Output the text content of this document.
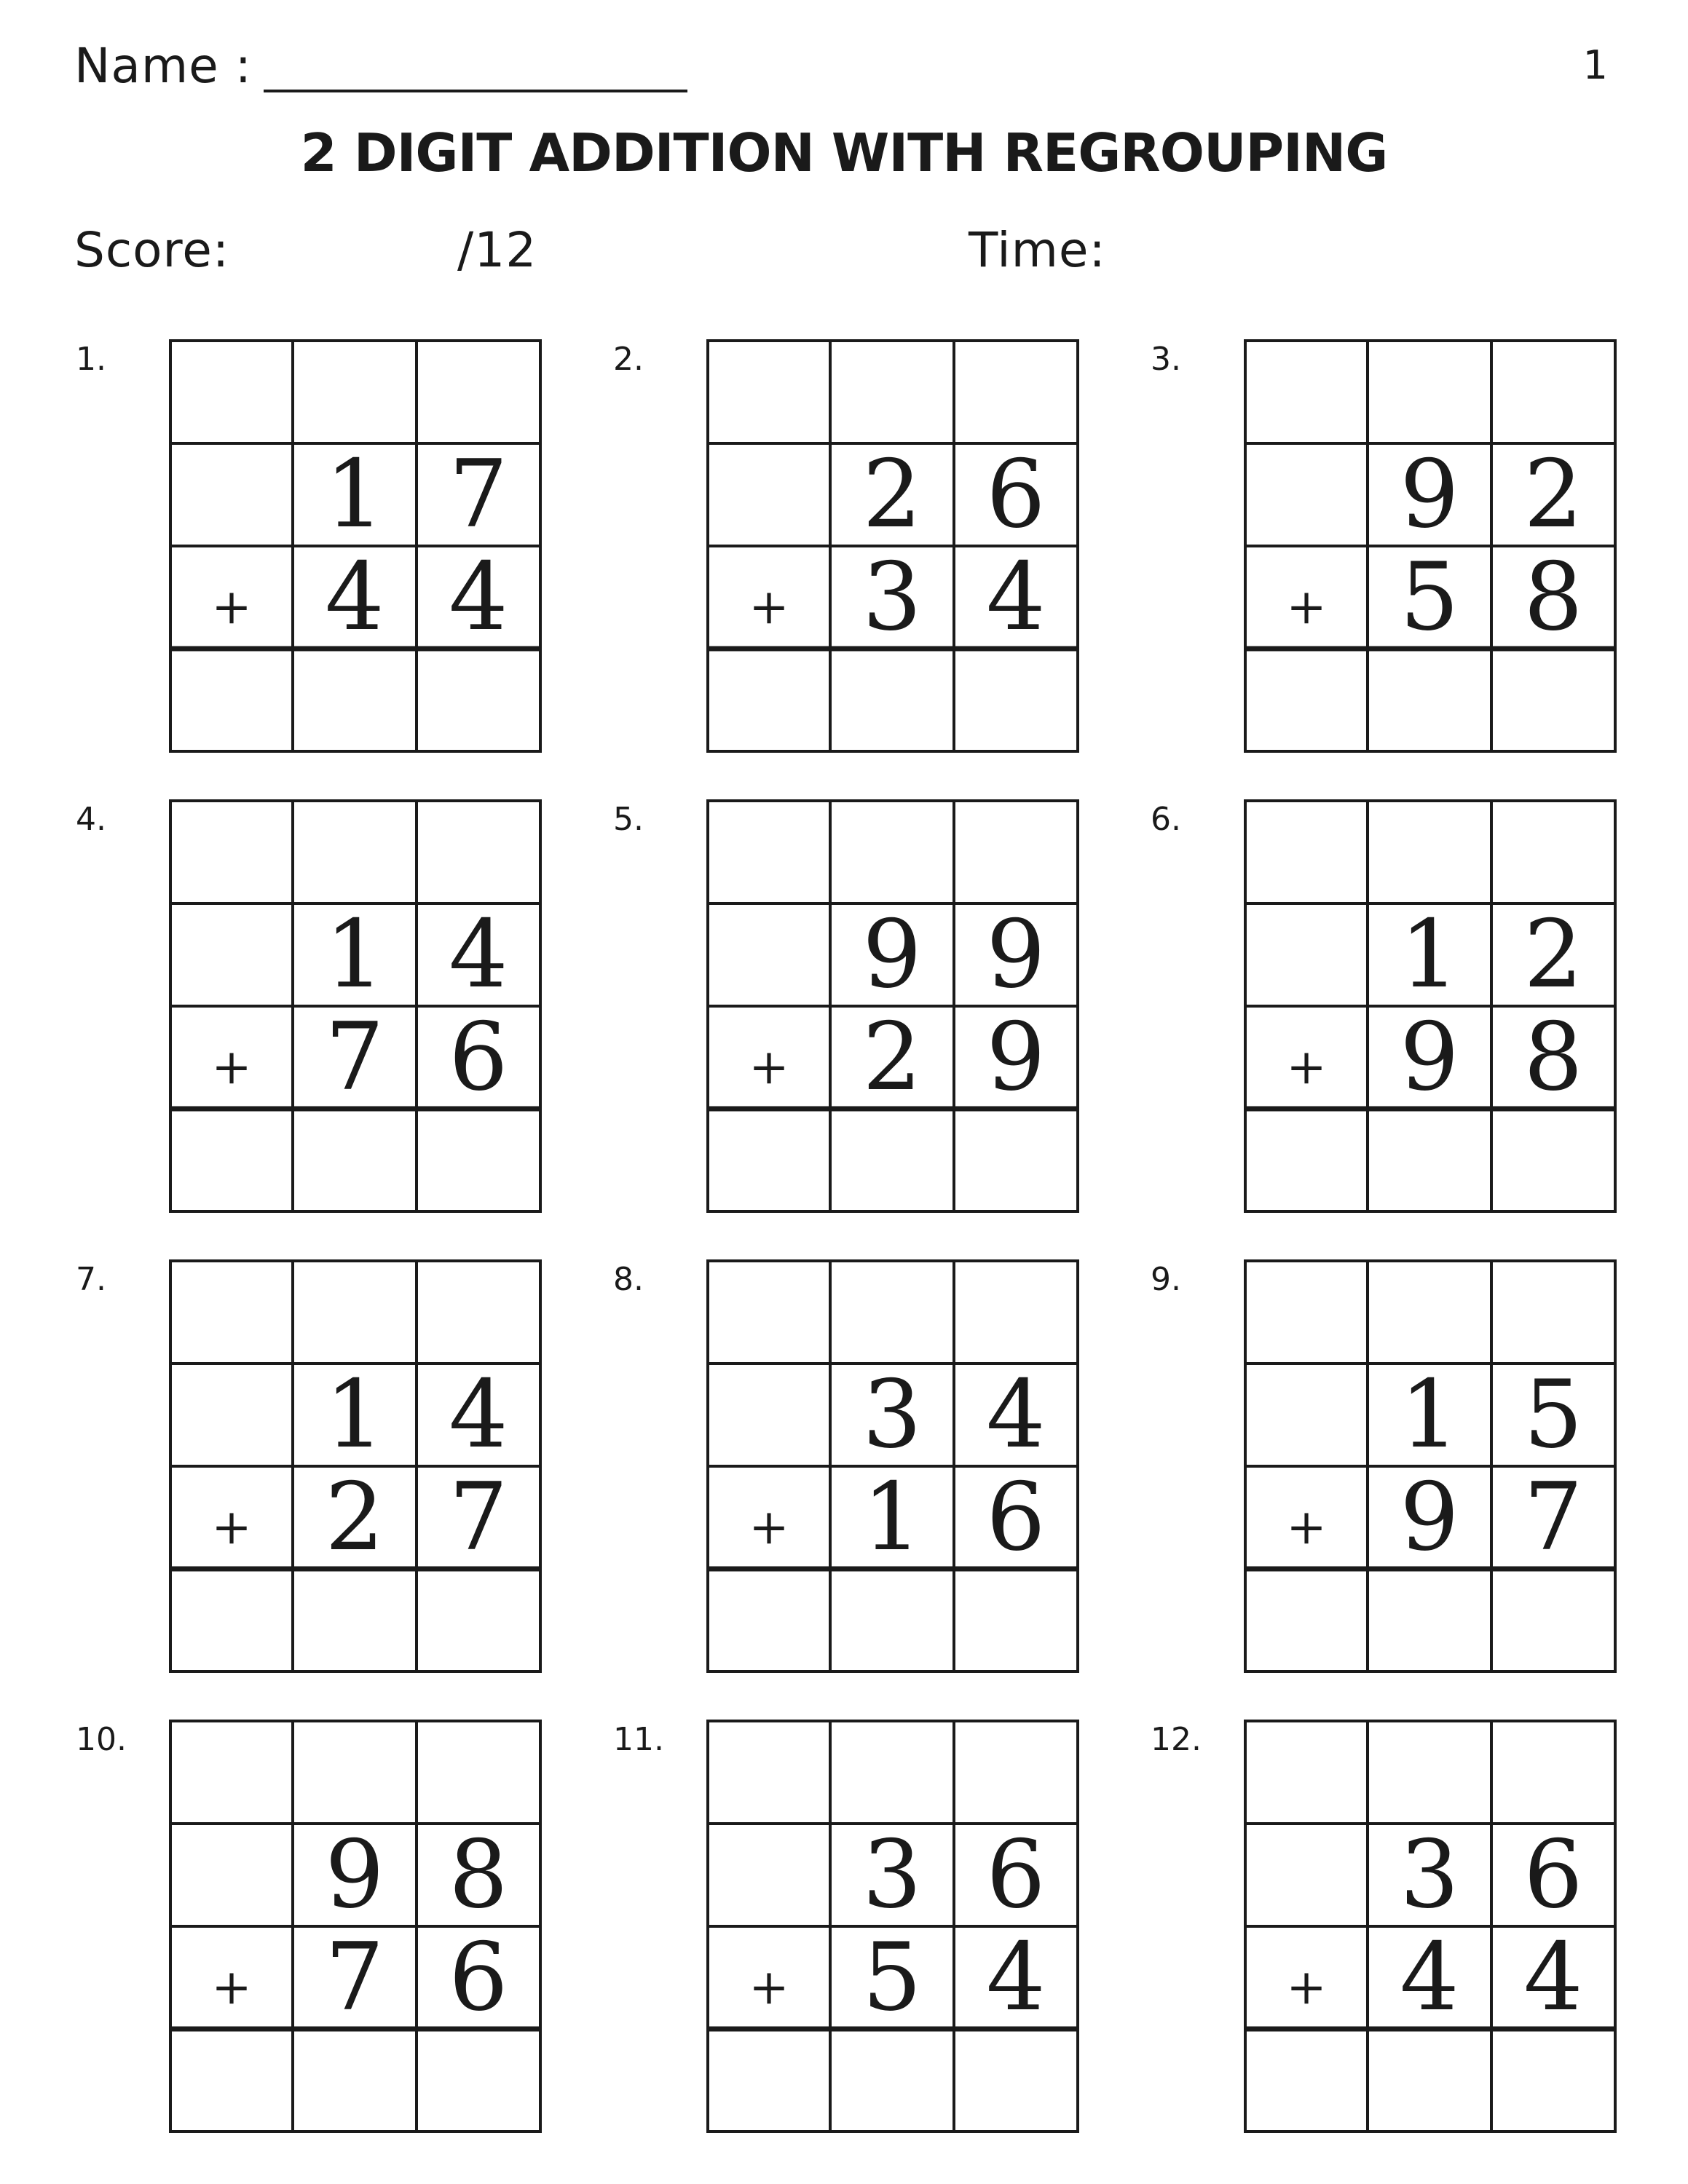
Name :	1
2 DIGIT ADDITION WITH REGROUPING
Score:	/12	Time:
1.
1 7
+ 4 4
2.
2 6
+ 3 4
3.
9 2
+ 5 8
4.
1 4
+ 7 6
5.
9 9
+ 2 9
6.
1 2
+ 9 8
7.
1 4
+ 2 7
8.
3 4
+ 1 6
9.
1 5
+ 9 7
10.
9 8
+ 7 6
11.
3 6
+ 5 4
12.
3 6
+ 4 4
